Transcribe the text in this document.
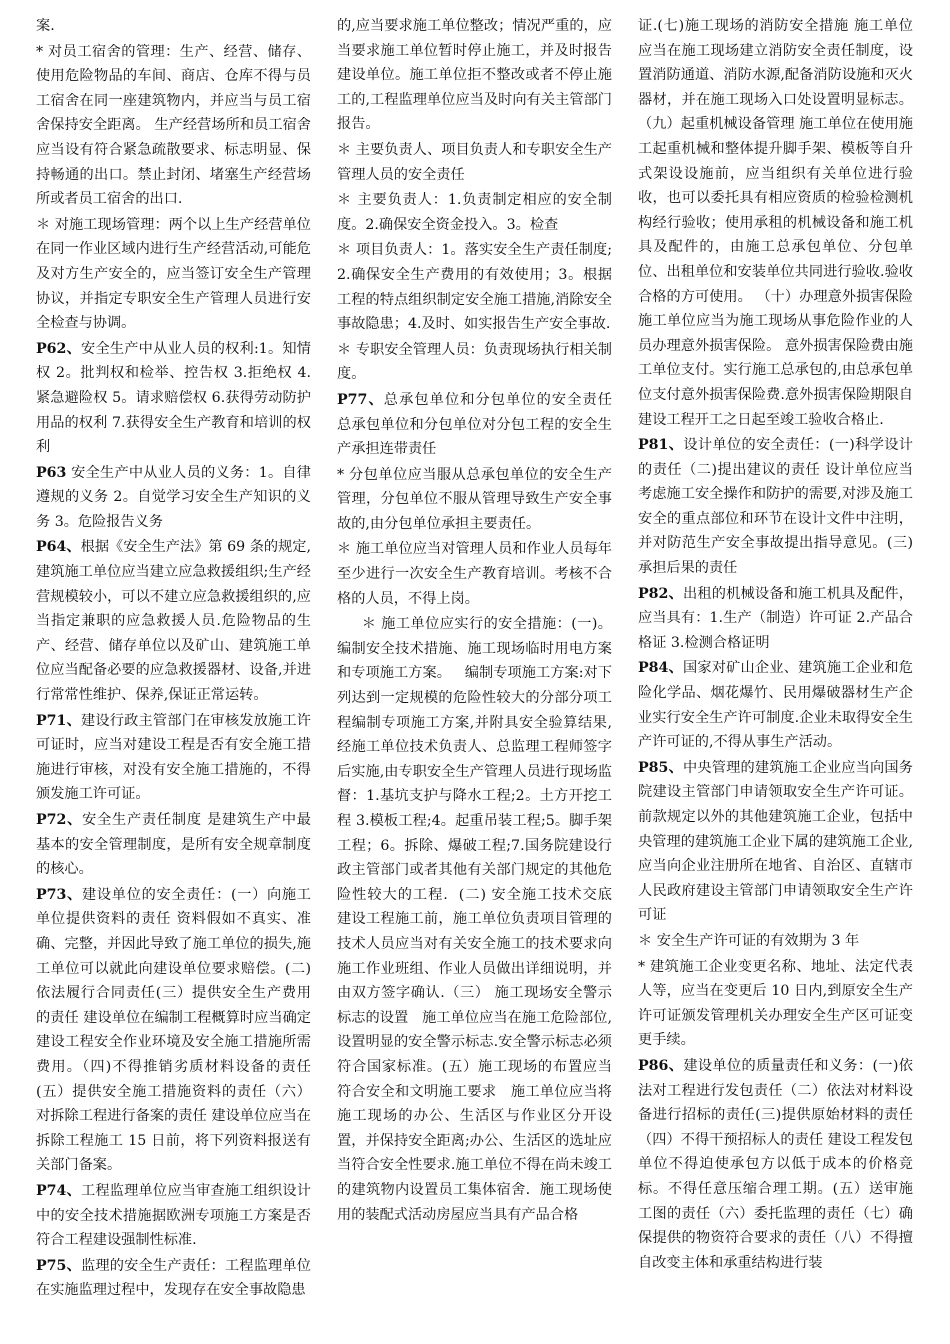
案.

* 对员工宿舍的管理：生产、经营、储存、使用危险物品的车间、商店、仓库不得与员工宿舍在同一座建筑物内，并应当与员工宿舍保持安全距离。 生产经营场所和员工宿舍应当设有符合紧急疏散要求、标志明显、保持畅通的出口。禁止封闭、堵塞生产经营场所或者员工宿舍的出口.

＊ 对施工现场管理：两个以上生产经营单位在同一作业区域内进行生产经营活动,可能危及对方生产安全的，应当签订安全生产管理协议，并指定专职安全生产管理人员进行安全检查与协调。

P62、安全生产中从业人员的权利:1。知情权 2。批判权和检举、控告权 3.拒绝权 4.紧急避险权 5。请求赔偿权 6.获得劳动防护用品的权利 7.获得安全生产教育和培训的权利

P63 安全生产中从业人员的义务：1。自律遵规的义务 2。自觉学习安全生产知识的义务 3。危险报告义务

P64、根据《安全生产法》第 69 条的规定,建筑施工单位应当建立应急救援组织;生产经营规模较小，可以不建立应急救援组织的,应当指定兼职的应急救援人员.危险物品的生产、经营、储存单位以及矿山、建筑施工单位应当配备必要的应急救援器材、设备,并进行常常性维护、保养,保证正常运转。

P71、建设行政主管部门在审核发放施工许可证时，应当对建设工程是否有安全施工措施进行审核，对没有安全施工措施的，不得颁发施工许可证。

P72、安全生产责任制度 是建筑生产中最基本的安全管理制度，是所有安全规章制度的核心。

P73、建设单位的安全责任：(一）向施工单位提供资料的责任 资料假如不真实、准确、完整，并因此导致了施工单位的损失,施工单位可以就此向建设单位要求赔偿。(二)依法履行合同责任(三）提供安全生产费用的责任 建设单位在编制工程概算时应当确定建设工程安全作业环境及安全施工措施所需费用。（四)不得推销劣质材料设备的责任(五）提供安全施工措施资料的责任（六）对拆除工程进行备案的责任 建设单位应当在拆除工程施工 15 日前，将下列资料报送有关部门备案。

P74、工程监理单位应当审查施工组织设计中的安全技术措施据欧洲专项施工方案是否符合工程建设强制性标准.

P75、监理的安全生产责任：工程监理单位在实施监理过程中，发现存在安全事故隐患

的,应当要求施工单位整改；情况严重的，应当要求施工单位暂时停止施工，并及时报告建设单位。施工单位拒不整改或者不停止施工的,工程监理单位应当及时向有关主管部门报告。

＊ 主要负责人、项目负责人和专职安全生产管理人员的安全责任

＊ 主要负责人：1.负责制定相应的安全制度。2.确保安全资金投入。3。检查

＊ 项目负责人：1。落实安全生产责任制度;2.确保安全生产费用的有效使用；3。根据工程的特点组织制定安全施工措施,消除安全事故隐患；4.及时、如实报告生产安全事故.

＊ 专职安全管理人员：负责现场执行相关制度。

P77、总承包单位和分包单位的安全责任 总承包单位和分包单位对分包工程的安全生产承担连带责任

* 分包单位应当服从总承包单位的安全生产管理，分包单位不服从管理导致生产安全事故的,由分包单位承担主要责任。

＊ 施工单位应当对管理人员和作业人员每年至少进行一次安全生产教育培训。考核不合格的人员，不得上岗。

＊ 施工单位应实行的安全措施：(一)。编制安全技术措施、施工现场临时用电方案和专项施工方案。   编制专项施工方案:对下列达到一定规模的危险性较大的分部分项工程编制专项施工方案,并附具安全验算结果,经施工单位技术负责人、总监理工程师签字后实施,由专职安全生产管理人员进行现场监督：1.基坑支护与降水工程;2。土方开挖工程 3.模板工程;4。起重吊装工程;5。脚手架工程；6。拆除、爆破工程;7.国务院建设行政主管部门或者其他有关部门规定的其他危险性较大的工程.  (二) 安全施工技术交底   建设工程施工前，施工单位负责项目管理的技术人员应当对有关安全施工的技术要求向施工作业班组、作业人员做出详细说明，并由双方签字确认.（三） 施工现场安全警示标志的设置   施工单位应当在施工危险部位,设置明显的安全警示标志.安全警示标志必须符合国家标准。(五）施工现场的布置应当符合安全和文明施工要求   施工单位应当将施工现场的办公、生活区与作业区分开设置，并保持安全距离;办公、生活区的选址应当符合安全性要求.施工单位不得在尚未竣工的建筑物内设置员工集体宿舍.  施工现场使用的装配式活动房屋应当具有产品合格

证.(七)施工现场的消防安全措施 施工单位应当在施工现场建立消防安全责任制度，设置消防通道、消防水源,配备消防设施和灭火器材，并在施工现场入口处设置明显标志。（九）起重机械设备管理 施工单位在使用施工起重机械和整体提升脚手架、模板等自升式架设设施前，应当组织有关单位进行验收，也可以委托具有相应资质的检验检测机构经行验收；使用承租的机械设备和施工机具及配件的，由施工总承包单位、分包单位、出租单位和安装单位共同进行验收.验收合格的方可使用。 （十）办理意外损害保险 施工单位应当为施工现场从事危险作业的人员办理意外损害保险。 意外损害保险费由施工单位支付。实行施工总承包的,由总承包单位支付意外损害保险费.意外损害保险期限自建设工程开工之日起至竣工验收合格止.

P81、设计单位的安全责任：(一)科学设计的责任（二)提出建议的责任 设计单位应当考虑施工安全操作和防护的需要,对涉及施工安全的重点部位和环节在设计文件中注明，并对防范生产安全事故提出指导意见。(三)承担后果的责任

P82、出租的机械设备和施工机具及配件，应当具有：1.生产（制造）许可证 2.产品合格证 3.检测合格证明

P84、国家对矿山企业、建筑施工企业和危险化学品、烟花爆竹、民用爆破器材生产企业实行安全生产许可制度.企业未取得安全生产许可证的,不得从事生产活动。

P85、中央管理的建筑施工企业应当向国务院建设主管部门申请领取安全生产许可证。前款规定以外的其他建筑施工企业，包括中央管理的建筑施工企业下属的建筑施工企业,应当向企业注册所在地省、自治区、直辖市人民政府建设主管部门申请领取安全生产许可证

＊ 安全生产许可证的有效期为 3 年

* 建筑施工企业变更名称、地址、法定代表人等，应当在变更后 10 日内,到原安全生产许可证颁发管理机关办理安全生产区可证变更手续。

P86、建设单位的质量责任和义务：(一)依法对工程进行发包责任（二）依法对材料设备进行招标的责任(三)提供原始材料的责任（四）不得干预招标人的责任 建设工程发包单位不得迫使承包方以低于成本的价格竞标。不得任意压缩合理工期。(五）送审施工图的责任（六）委托监理的责任（七）确保提供的物资符合要求的责任（八）不得擅自改变主体和承重结构进行装
